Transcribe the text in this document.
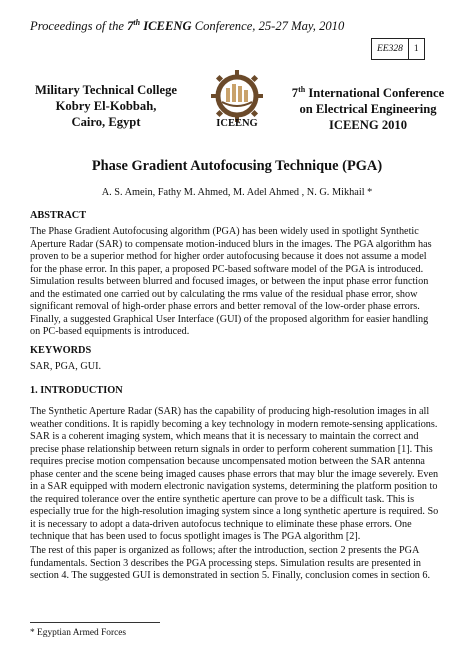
Proceedings of the 7th ICEENG Conference, 25-27 May, 2010
EE328	1
Military Technical College
Kobry El-Kobbah,
Cairo, Egypt	ICEENG
7th International Conference
on Electrical Engineering
ICEENG 2010
Phase Gradient Autofocusing Technique (PGA)
A. S. Amein, Fathy M. Ahmed, M. Adel Ahmed , N. G. Mikhail *
ABSTRACT
The Phase Gradient Autofocusing algorithm (PGA) has been widely used in spotlight Synthetic
Aperture Radar (SAR) to compensate motion-induced blurs in the images. The PGA algorithm has
proven to be a superior method for higher order autofocusing because it does not assume a model
for the phase error. In this paper, a proposed PC-based software model of the PGA is introduced.
Simulation results between blurred and focused images, or between the input phase error function
and the estimated one carried out by calculating the rms value of the residual phase error, show
significant removal of high-order phase errors and better removal of the low-order phase errors.
Finally, a suggested Graphical User Interface (GUI) of the proposed algorithm for easier handling
on PC-based equipments is introduced.
KEYWORDS
SAR, PGA, GUI.
1. INTRODUCTION
The Synthetic Aperture Radar (SAR) has the capability of producing high-resolution images in all
weather conditions. It is rapidly becoming a key technology in modern remote-sensing applications.
SAR is a coherent imaging system, which means that it is necessary to maintain the correct and
precise phase relationship between return signals in order to perform coherent summation [1]. This
requires precise motion compensation because uncompensated motion between the SAR antenna
phase center and the scene being imaged causes phase errors that may blur the image severely. Even
in a SAR equipped with modern electronic navigation systems, determining the platform position to
the required tolerance over the entire synthetic aperture can prove to be a difficult task. This is
especially true for the high-resolution imaging system since a long synthetic aperture is required. So
it is necessary to adopt a data-driven autofocus technique to eliminate these phase errors. One
technique that has been used to focus spotlight images is The PGA algorithm [2].
The rest of this paper is organized as follows; after the introduction, section 2 presents the PGA
fundamentals. Section 3 describes the PGA processing steps. Simulation results are presented in
section 4. The suggested GUI is demonstrated in section 5. Finally, conclusion comes in section 6.
* Egyptian Armed Forces
